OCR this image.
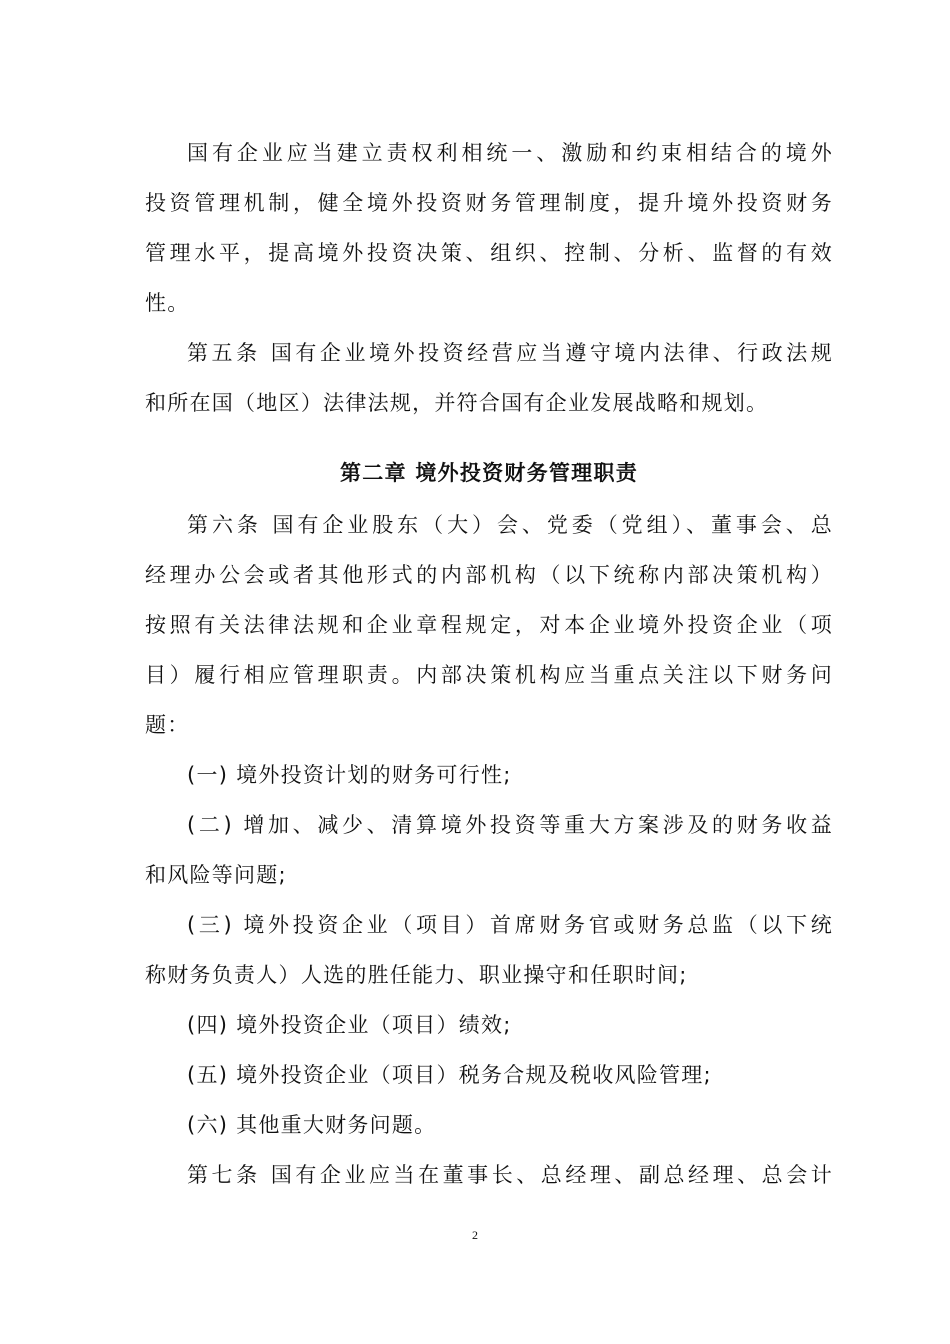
国有企业应当建立责权利相统一、激励和约束相结合的境外
投资管理机制，健全境外投资财务管理制度，提升境外投资财务
管理水平，提高境外投资决策、组织、控制、分析、监督的有效
性。
第五条 国有企业境外投资经营应当遵守境内法律、行政法规
和所在国（地区）法律法规，并符合国有企业发展战略和规划。
第二章 境外投资财务管理职责
第六条 国有企业股东（大）会、党委（党组）、董事会、总
经理办公会或者其他形式的内部机构（以下统称内部决策机构）
按照有关法律法规和企业章程规定，对本企业境外投资企业（项
目）履行相应管理职责。内部决策机构应当重点关注以下财务问
题：
(一) 境外投资计划的财务可行性;
(二) 增加、减少、清算境外投资等重大方案涉及的财务收益
和风险等问题;
(三) 境外投资企业（项目）首席财务官或财务总监（以下统
称财务负责人）人选的胜任能力、职业操守和任职时间;
(四) 境外投资企业（项目）绩效;
(五) 境外投资企业（项目）税务合规及税收风险管理;
(六) 其他重大财务问题。
第七条 国有企业应当在董事长、总经理、副总经理、总会计
2
